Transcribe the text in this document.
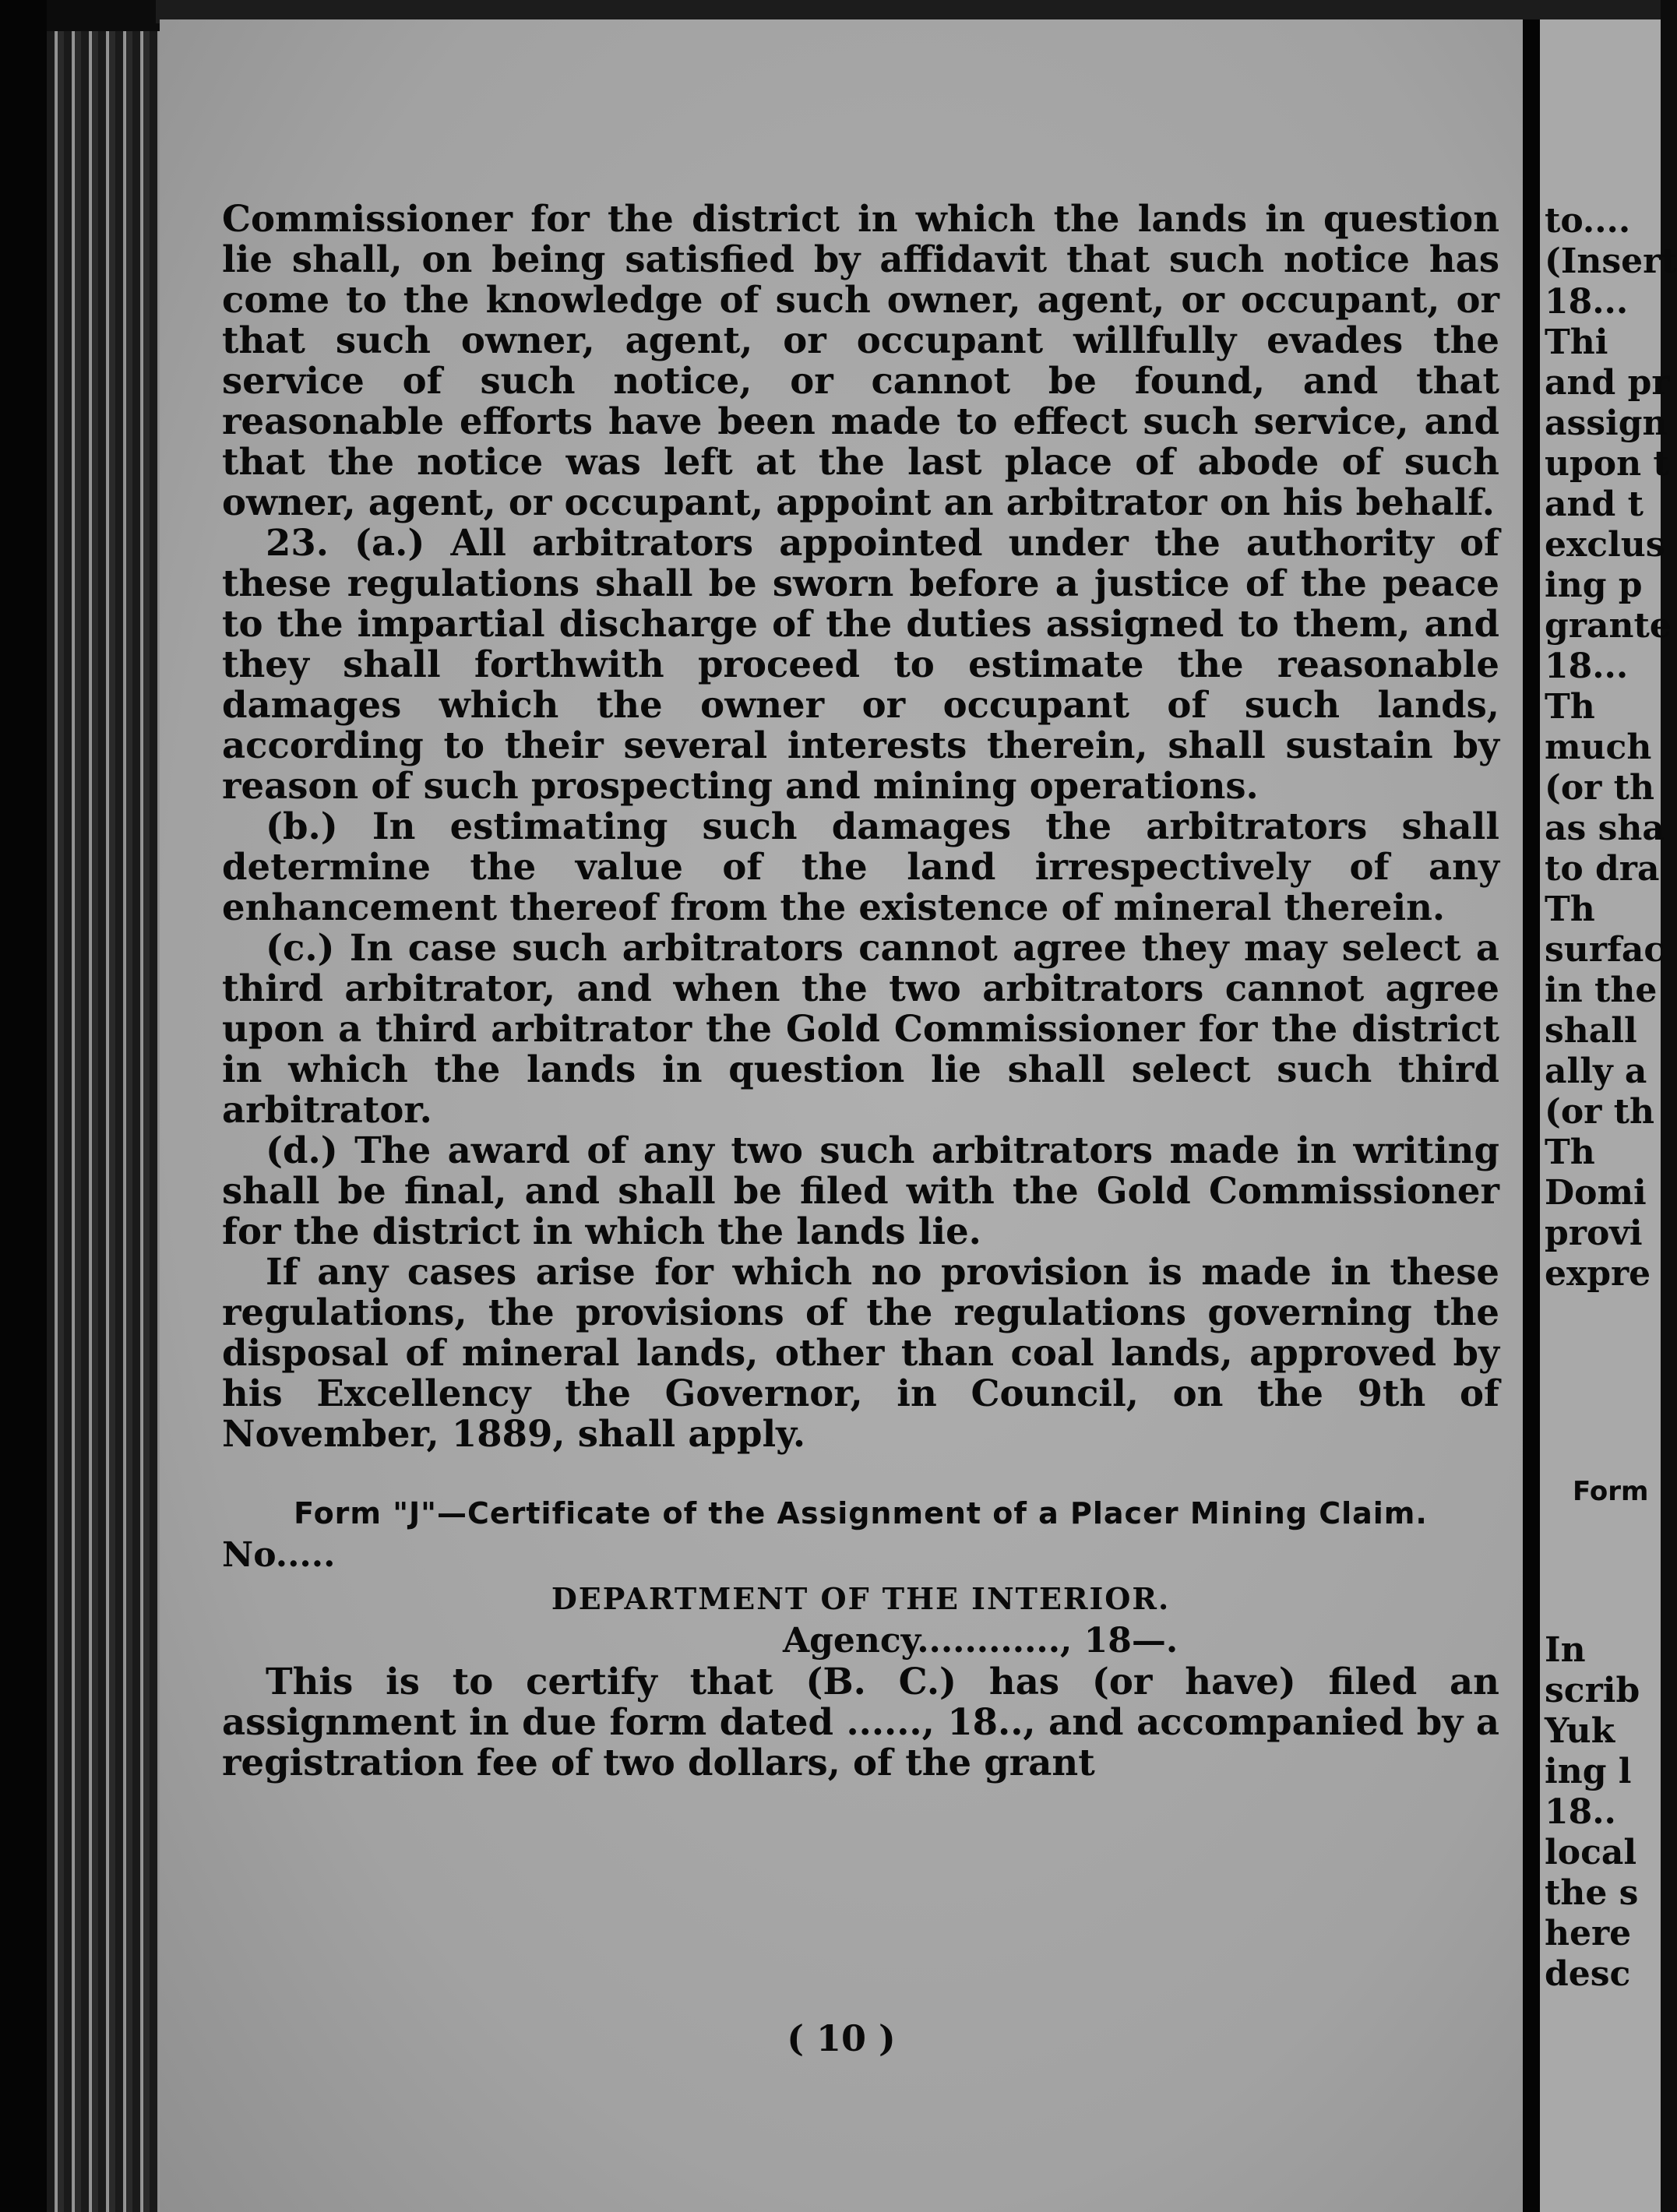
Commissioner for the district in which the lands in question lie shall, on being satisfied by affidavit that such notice has come to the knowledge of such owner, agent, or occupant, or that such owner, agent, or occupant willfully evades the service of such notice, or cannot be found, and that reasonable efforts have been made to effect such service, and that the notice was left at the last place of abode of such owner, agent, or occupant, appoint an arbitrator on his behalf.

23. (a.) All arbitrators appointed under the authority of these regulations shall be sworn before a justice of the peace to the impartial discharge of the duties assigned to them, and they shall forthwith proceed to estimate the reasonable damages which the owner or occupant of such lands, according to their several interests therein, shall sustain by reason of such prospecting and mining operations.

(b.) In estimating such damages the arbitrators shall determine the value of the land irrespectively of any enhancement thereof from the existence of mineral therein.

(c.) In case such arbitrators cannot agree they may select a third arbitrator, and when the two arbitrators cannot agree upon a third arbitrator the Gold Commissioner for the district in which the lands in question lie shall select such third arbitrator.

(d.) The award of any two such arbitrators made in writing shall be final, and shall be filed with the Gold Commissioner for the district in which the lands lie.

If any cases arise for which no provision is made in these regulations, the provisions of the regulations governing the disposal of mineral lands, other than coal lands, approved by his Excellency the Governor, in Council, on the 9th of November, 1889, shall apply.

Form "J"—Certificate of the Assignment of a Placer Mining Claim.
No.....
DEPARTMENT OF THE INTERIOR.
Agency............, 18—.

This is to certify that (B. C.) has (or have) filed an assignment in due form dated ......, 18.., and accompanied by a registration fee of two dollars, of the grant

( 10 )
to....
(Insert
18...
Thi
and pr
assign
upon t
and t
exclus
ing p
grante
18...
Th
much
(or th
as sha
to dra
Th
surfac
in the
shall
ally a
(or th
Th
Domi
provi
expre
Form
In
scrib
Yuk
ing l
18..
local
the s
here
desc
